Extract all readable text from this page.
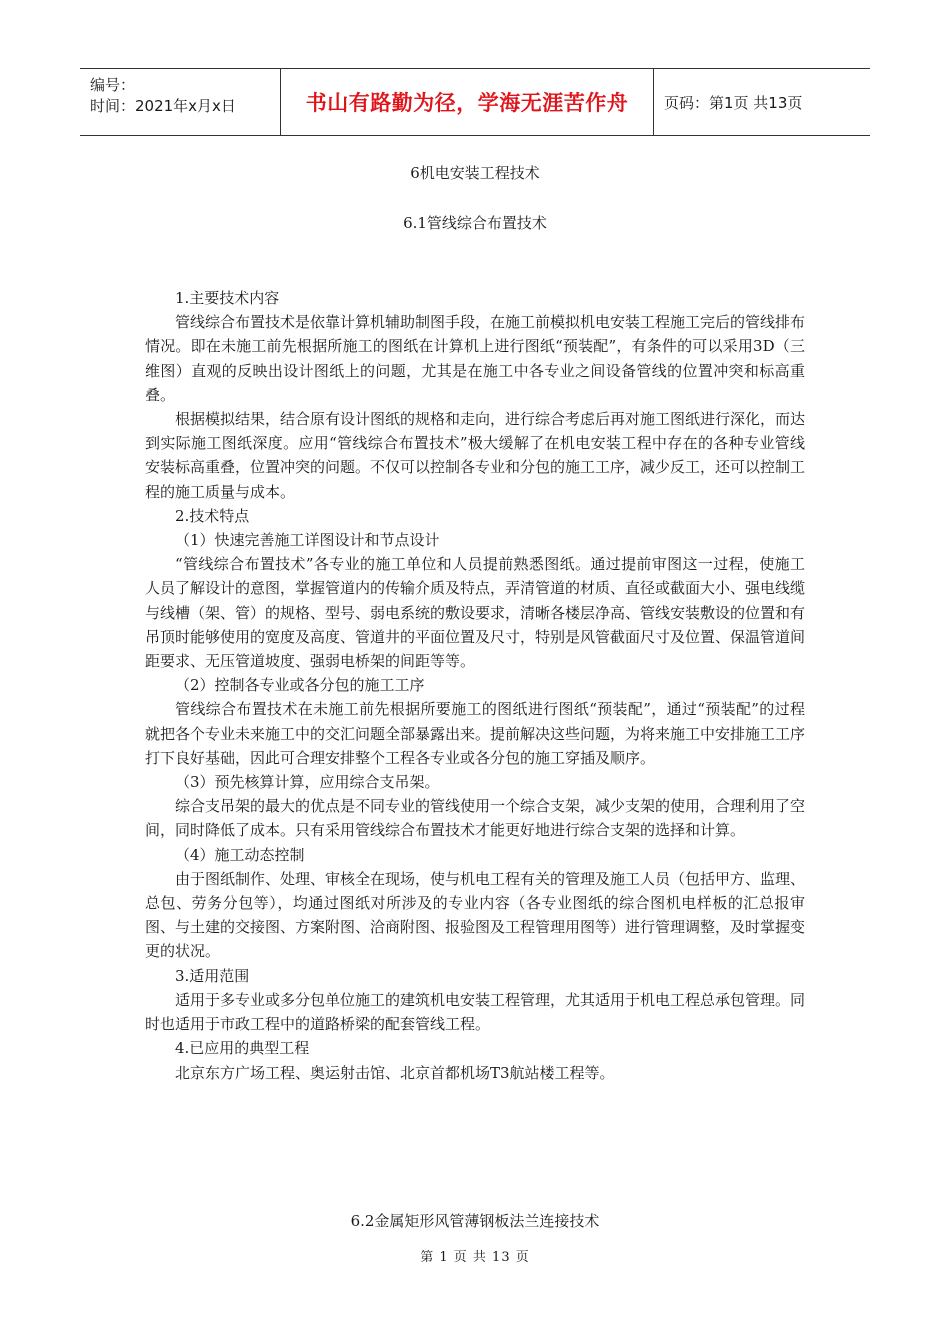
编号：
时间：2021年x月x日	书山有路勤为径，学海无涯苦作舟	页码：第1页 共13页
6机电安装工程技术
6.1管线综合布置技术

1.主要技术内容

管线综合布置技术是依靠计算机辅助制图手段，在施工前模拟机电安装工程施工完后的管线排布情况。即在未施工前先根据所施工的图纸在计算机上进行图纸“预装配”，有条件的可以采用3D（三维图）直观的反映出设计图纸上的问题，尤其是在施工中各专业之间设备管线的位置冲突和标高重叠。

根据模拟结果，结合原有设计图纸的规格和走向，进行综合考虑后再对施工图纸进行深化，而达到实际施工图纸深度。应用“管线综合布置技术”极大缓解了在机电安装工程中存在的各种专业管线安装标高重叠，位置冲突的问题。不仅可以控制各专业和分包的施工工序，减少反工，还可以控制工程的施工质量与成本。

2.技术特点

（1）快速完善施工详图设计和节点设计

“管线综合布置技术”各专业的施工单位和人员提前熟悉图纸。通过提前审图这一过程，使施工人员了解设计的意图，掌握管道内的传输介质及特点，弄清管道的材质、直径或截面大小、强电线缆与线槽（架、管）的规格、型号、弱电系统的敷设要求，清晰各楼层净高、管线安装敷设的位置和有吊顶时能够使用的宽度及高度、管道井的平面位置及尺寸，特别是风管截面尺寸及位置、保温管道间距要求、无压管道坡度、强弱电桥架的间距等等。

（2）控制各专业或各分包的施工工序

管线综合布置技术在未施工前先根据所要施工的图纸进行图纸“预装配”，通过“预装配”的过程就把各个专业未来施工中的交汇问题全部暴露出来。提前解决这些问题，为将来施工中安排施工工序打下良好基础，因此可合理安排整个工程各专业或各分包的施工穿插及顺序。

（3）预先核算计算，应用综合支吊架。

综合支吊架的最大的优点是不同专业的管线使用一个综合支架，减少支架的使用，合理利用了空间，同时降低了成本。只有采用管线综合布置技术才能更好地进行综合支架的选择和计算。

（4）施工动态控制

由于图纸制作、处理、审核全在现场，使与机电工程有关的管理及施工人员（包括甲方、监理、总包、劳务分包等），均通过图纸对所涉及的专业内容（各专业图纸的综合图机电样板的汇总报审图、与土建的交接图、方案附图、洽商附图、报验图及工程管理用图等）进行管理调整，及时掌握变更的状况。

3.适用范围

适用于多专业或多分包单位施工的建筑机电安装工程管理，尤其适用于机电工程总承包管理。同时也适用于市政工程中的道路桥梁的配套管线工程。

4.已应用的典型工程

北京东方广场工程、奥运射击馆、北京首都机场T3航站楼工程等。

6.2金属矩形风管薄钢板法兰连接技术
第 1 页 共 13 页
